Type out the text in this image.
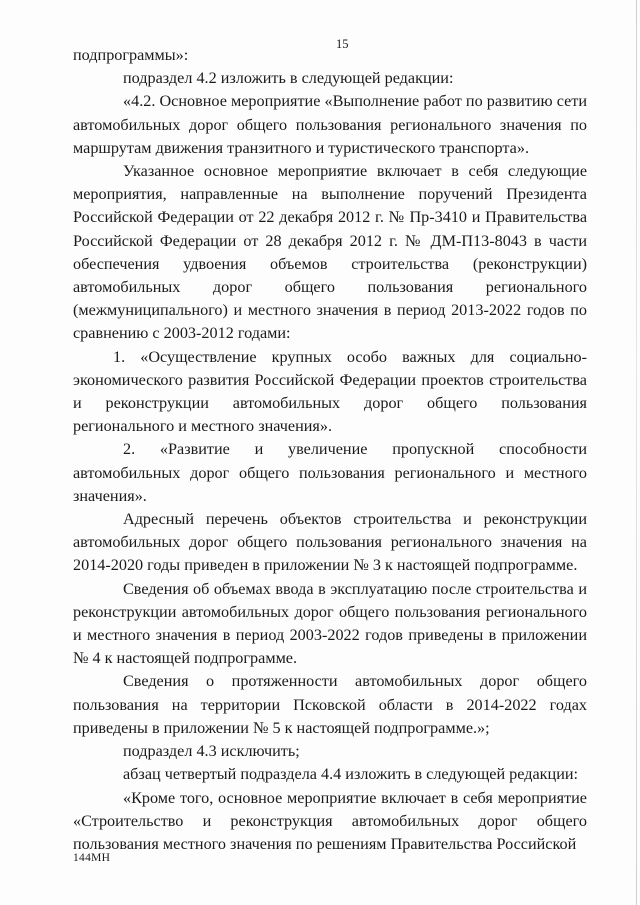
15

подпрограммы»:

подраздел 4.2 изложить в следующей редакции:

«4.2. Основное мероприятие «Выполнение работ по развитию сети автомобильных дорог общего пользования регионального значения по маршрутам движения транзитного и туристического транспорта».

Указанное основное мероприятие включает в себя следующие мероприятия, направленные на выполнение поручений Президента Российской Федерации от 22 декабря 2012 г. № Пр-3410 и Правительства Российской Федерации от 28 декабря 2012 г. № ДМ-П13-8043 в части обеспечения удвоения объемов строительства (реконструкции) автомобильных дорог общего пользования регионального (межмуниципального) и местного значения в период 2013-2022 годов по сравнению с 2003-2012 годами:

1. «Осуществление крупных особо важных для социально-экономического развития Российской Федерации проектов строительства и реконструкции автомобильных дорог общего пользования регионального и местного значения».

2. «Развитие и увеличение пропускной способности автомобильных дорог общего пользования регионального и местного значения».

Адресный перечень объектов строительства и реконструкции автомобильных дорог общего пользования регионального значения на 2014-2020 годы приведен в приложении № 3 к настоящей подпрограмме.

Сведения об объемах ввода в эксплуатацию после строительства и реконструкции автомобильных дорог общего пользования регионального и местного значения в период 2003-2022 годов приведены в приложении № 4 к настоящей подпрограмме.

Сведения о протяженности автомобильных дорог общего пользования на территории Псковской области в 2014-2022 годах приведены в приложении № 5 к настоящей подпрограмме.»;

подраздел 4.3 исключить;

абзац четвертый подраздела 4.4 изложить в следующей редакции:

«Кроме того, основное мероприятие включает в себя мероприятие «Строительство и реконструкция автомобильных дорог общего пользования местного значения по решениям Правительства Российской

144МН
